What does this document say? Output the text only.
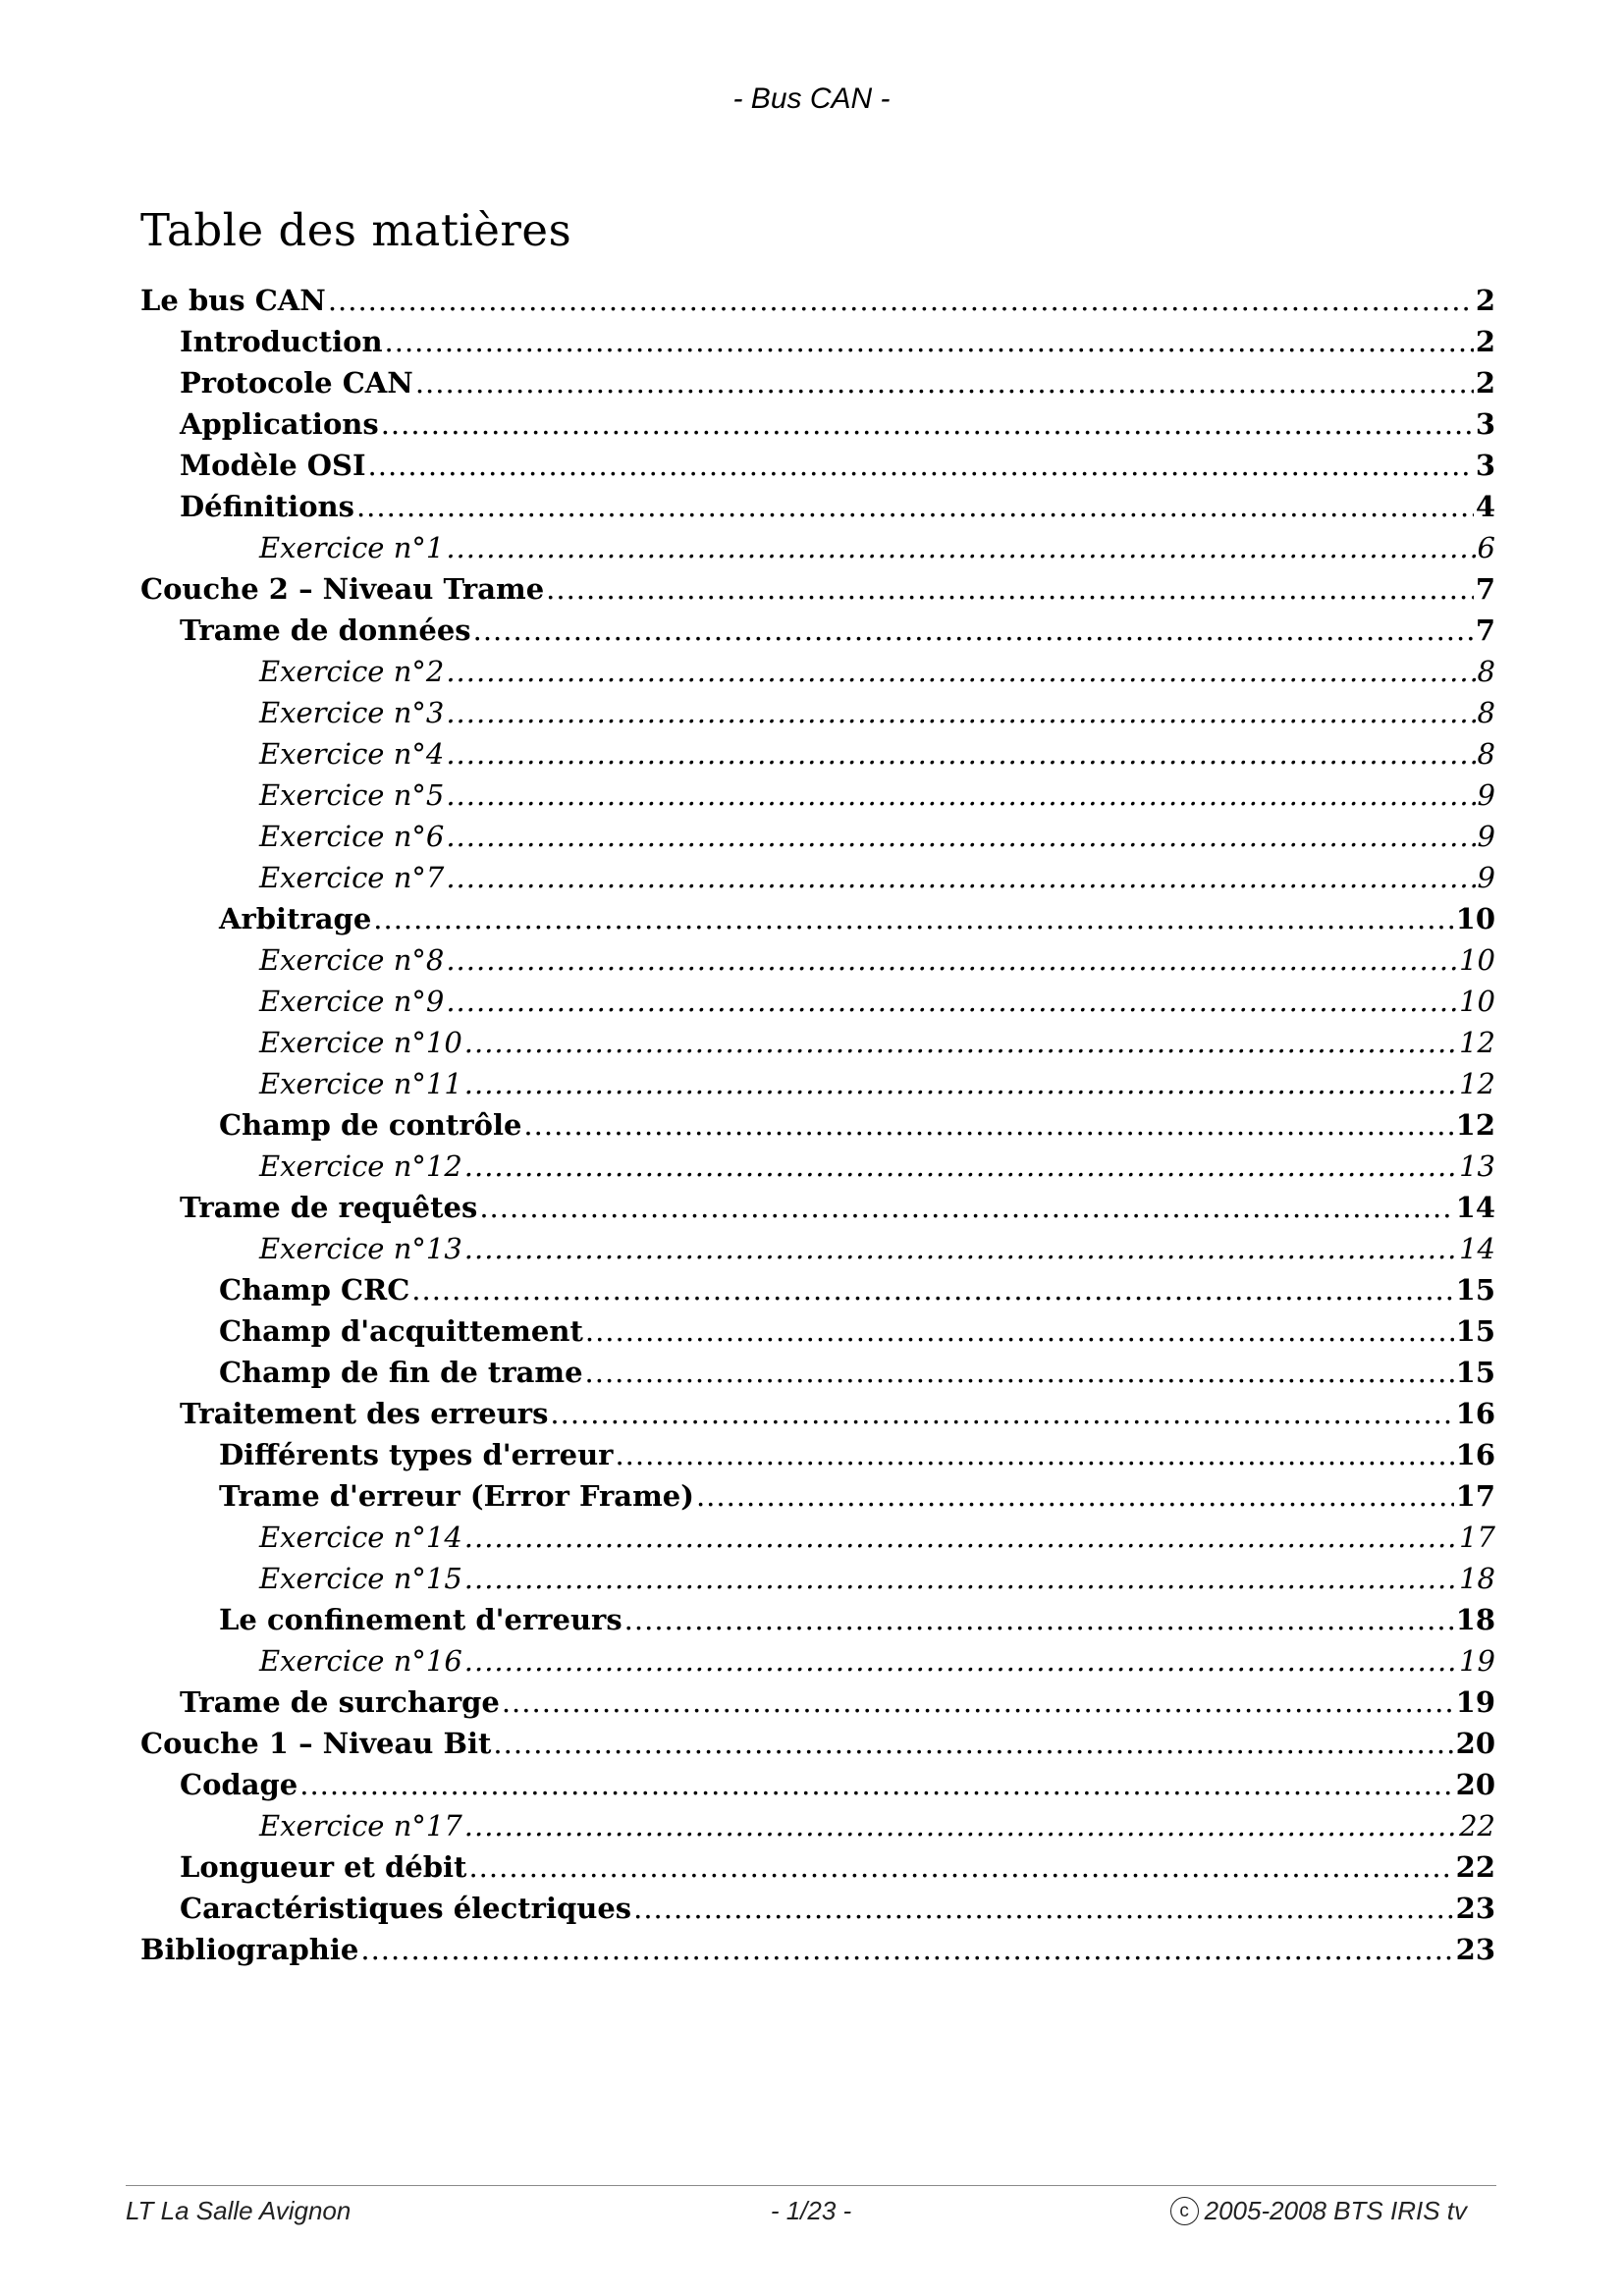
- Bus CAN -
Table des matières
Le bus CAN .....	2
Introduction .....	2
Protocole CAN .....	2
Applications .....	3
Modèle OSI .....	3
Définitions .....	4
Exercice n°1 .....	6
Couche 2 – Niveau Trame .....	7
Trame de données .....	7
Exercice n°2 .....	8
Exercice n°3 .....	8
Exercice n°4 .....	8
Exercice n°5 .....	9
Exercice n°6 .....	9
Exercice n°7 .....	9
Arbitrage .....	10
Exercice n°8 .....	10
Exercice n°9 .....	10
Exercice n°10 .....	12
Exercice n°11 .....	12
Champ de contrôle .....	12
Exercice n°12 .....	13
Trame de requêtes .....	14
Exercice n°13 .....	14
Champ CRC .....	15
Champ d'acquittement .....	15
Champ de fin de trame .....	15
Traitement des erreurs .....	16
Différents types d'erreur .....	16
Trame d'erreur (Error Frame) .....	17
Exercice n°14 .....	17
Exercice n°15 .....	18
Le confinement d'erreurs .....	18
Exercice n°16 .....	19
Trame de surcharge .....	19
Couche 1 – Niveau Bit .....	20
Codage .....	20
Exercice n°17 .....	22
Longueur et débit .....	22
Caractéristiques électriques .....	23
Bibliographie .....	23
LT La Salle Avignon	- 1/23 -	c 2005-2008 BTS IRIS tv
